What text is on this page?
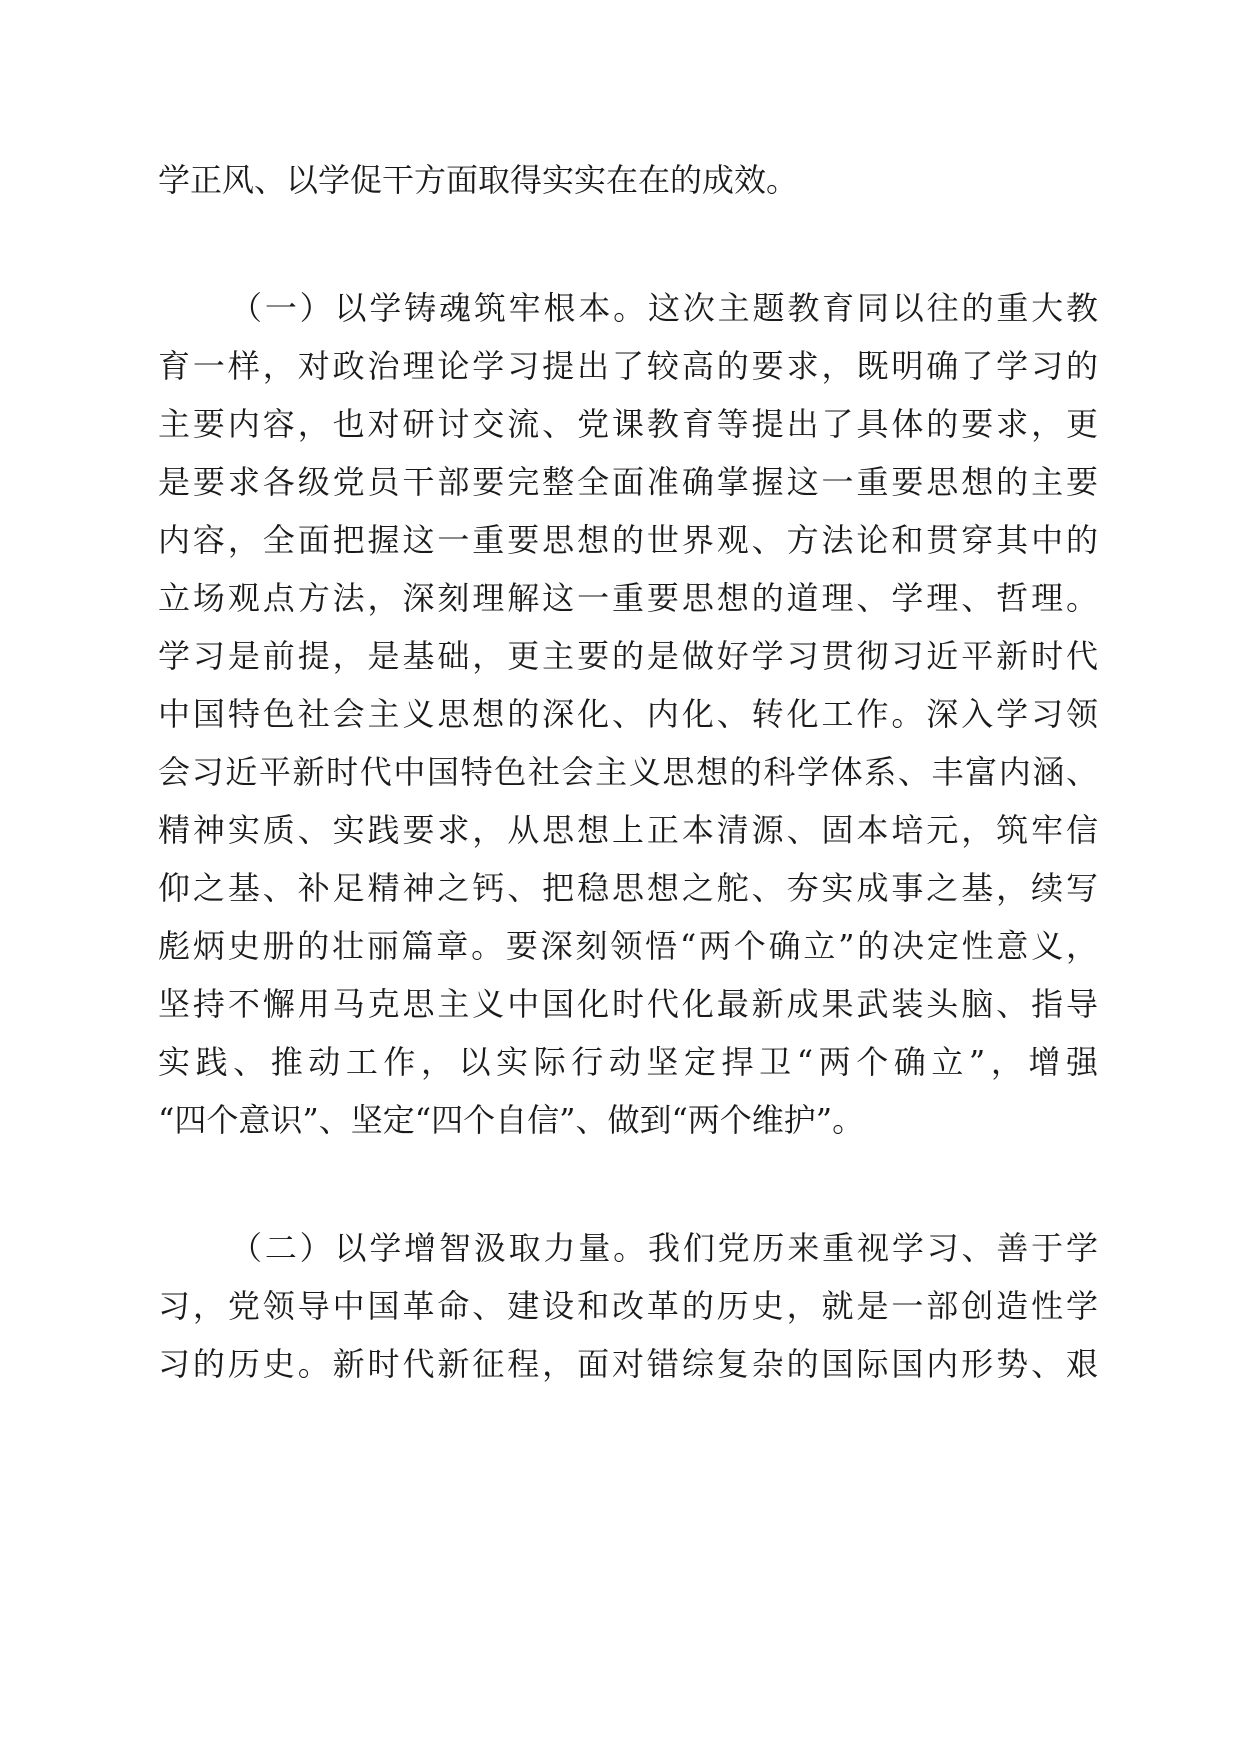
学正风、以学促干方面取得实实在在的成效。
（一）以学铸魂筑牢根本。这次主题教育同以往的重大教
育一样，对政治理论学习提出了较高的要求，既明确了学习的
主要内容，也对研讨交流、党课教育等提出了具体的要求，更
是要求各级党员干部要完整全面准确掌握这一重要思想的主要
内容，全面把握这一重要思想的世界观、方法论和贯穿其中的
立场观点方法，深刻理解这一重要思想的道理、学理、哲理。
学习是前提，是基础，更主要的是做好学习贯彻习近平新时代
中国特色社会主义思想的深化、内化、转化工作。深入学习领
会习近平新时代中国特色社会主义思想的科学体系、丰富内涵、
精神实质、实践要求，从思想上正本清源、固本培元，筑牢信
仰之基、补足精神之钙、把稳思想之舵、夯实成事之基，续写
彪炳史册的壮丽篇章。要深刻领悟“两个确立”的决定性意义，
坚持不懈用马克思主义中国化时代化最新成果武装头脑、指导
实践、推动工作，以实际行动坚定捍卫“两个确立”，增强
“四个意识”、坚定“四个自信”、做到“两个维护”。
（二）以学增智汲取力量。我们党历来重视学习、善于学
习，党领导中国革命、建设和改革的历史，就是一部创造性学
习的历史。新时代新征程，面对错综复杂的国际国内形势、艰
